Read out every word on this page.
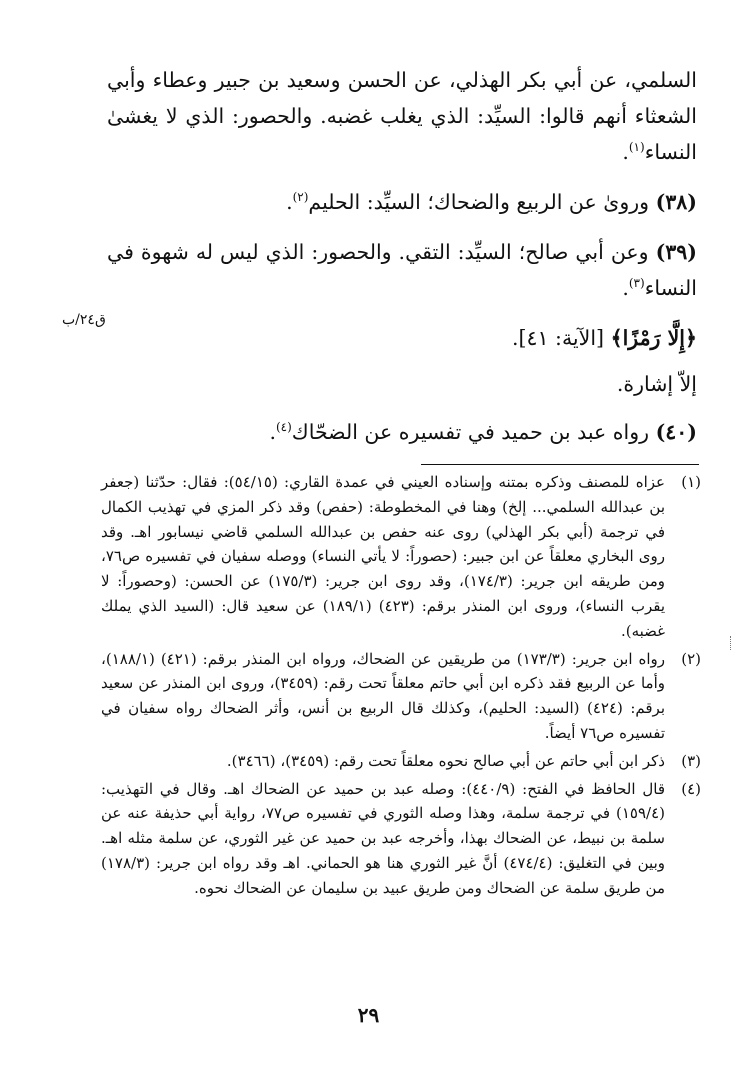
السلمي، عن أبي بكر الهذلي، عن الحسن وسعيد بن جبير وعطاء وأبي الشعثاء أنهم قالوا: السيِّد: الذي يغلب غضبه. والحصور: الذي لا يغشىٰ النساء$^{(١)}$.

(٣٨) ورویٰ عن الربیع والضحاك؛ السیِّد: الحلیم$^{(٢)}$.

(٣٩) وعن أبي صالح؛ السيِّد: التقي. والحصور: الذي ليس له شهوة في النساء$^{(٣)}$.

﴿إِلَّا رَمْزًا﴾ [الآية: ٤١].

إلاّ إشارة.

(٤٠) رواه عبد بن حميد في تفسيره عن الضحّاك$^{(٤)}$.

ق٢٤/ب
(١)
عزاه للمصنف وذكره بمتنه وإسناده العيني في عمدة القاري: (٥٤/١٥): فقال: حدّثنا (جعفر بن عبدالله السلمي... إلخ) وهنا في المخطوطة: (حفص) وقد ذكر المزي في تهذيب الكمال في ترجمة (أبي بكر الهذلي) روى عنه حفص بن عبدالله السلمي قاضي نيسابور اهـ. وقد روى البخاري معلقاً عن ابن جبير: (حصوراً: لا يأتي النساء) ووصله سفيان في تفسيره ص٧٦، ومن طريقه ابن جرير: (١٧٤/٣)، وقد روى ابن جرير: (١٧٥/٣) عن الحسن: (وحصوراً: لا يقرب النساء)، وروى ابن المنذر برقم: (٤٢٣) (١٨٩/١) عن سعيد قال: (السيد الذي يملك غضبه).
(٢)
رواه ابن جرير: (١٧٣/٣) من طريقين عن الضحاك، ورواه ابن المنذر برقم: (٤٢١) (١٨٨/١)، وأما عن الربيع فقد ذكره ابن أبي حاتم معلقاً تحت رقم: (٣٤٥٩)، وروى ابن المنذر عن سعيد برقم: (٤٢٤) (السيد: الحليم)، وكذلك قال الربيع بن أنس، وأثر الضحاك رواه سفيان في تفسيره ص٧٦ أيضاً.
(٣)
ذكر ابن أبي حاتم عن أبي صالح نحوه معلقاً تحت رقم: (٣٤٥٩)، (٣٤٦٦).
(٤)
قال الحافظ في الفتح: (٤٤٠/٩): وصله عبد بن حميد عن الضحاك اهـ. وقال في التهذيب: (١٥٩/٤) في ترجمة سلمة، وهذا وصله الثوري في تفسيره ص٧٧، رواية أبي حذيفة عنه عن سلمة بن نبيط، عن الضحاك بهذا، وأخرجه عبد بن حميد عن غير الثوري، عن سلمة مثله اهـ. وبين في التغليق: (٤٧٤/٤) أنَّ غير الثوري هنا هو الحماني. اهـ وقد رواه ابن جرير: (١٧٨/٣) من طريق سلمة عن الضحاك ومن طريق عبيد بن سليمان عن الضحاك نحوه.
٢٩
